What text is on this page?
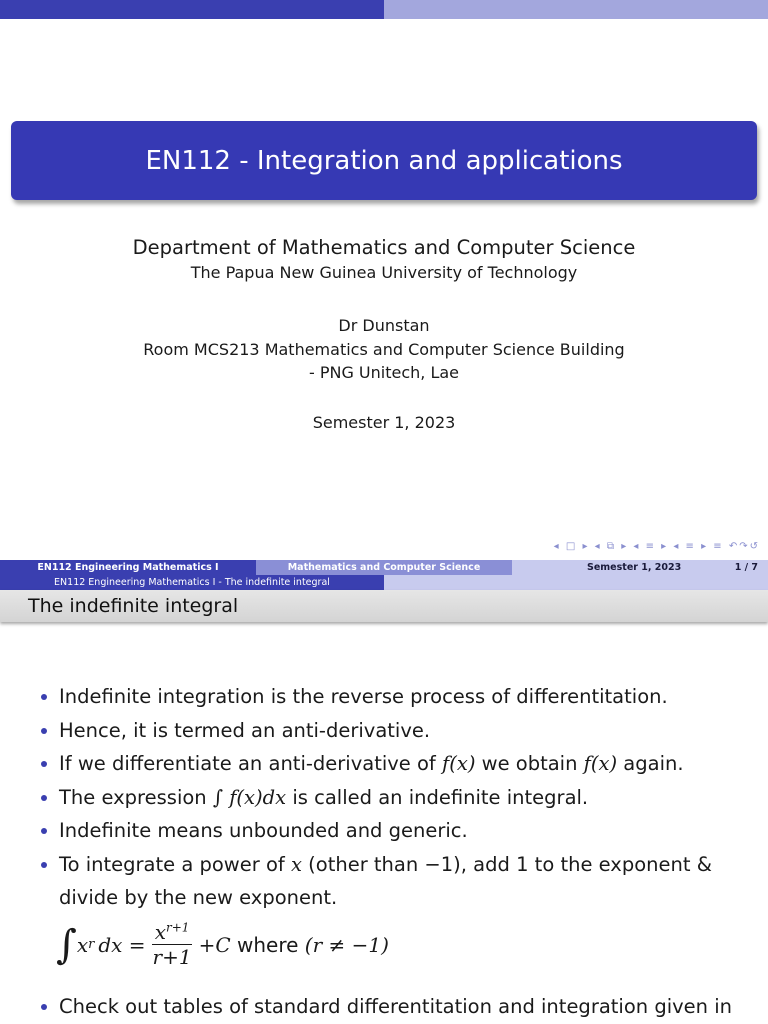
EN112 - Integration and applications
Department of Mathematics and Computer Science
The Papua New Guinea University of Technology
Dr Dunstan
Room MCS213 Mathematics and Computer Science Building
- PNG Unitech, Lae
Semester 1, 2023
◂ □ ▸ ◂ ⧉ ▸ ◂ ≡ ▸ ◂ ≡ ▸ ≡ ↶↷↺
EN112 Engineering Mathematics I	Mathematics and Computer Science	Semester 1, 2023	1 / 7
EN112 Engineering Mathematics I - The indefinite integral
The indefinite integral
Indefinite integration is the reverse process of differentitation.
Hence, it is termed an anti-derivative.
If we differentiate an anti-derivative of f(x) we obtain f(x) again.
The expression ∫ f(x)dx is called an indefinite integral.
Indefinite means unbounded and generic.
To integrate a power of x (other than −1), add 1 to the exponent & divide by the new exponent.
∫ x r dx = $\frac{x^{r+1}}{r+1} +C$ where (r ≠ −1)
Check out tables of standard differentitation and integration given in
